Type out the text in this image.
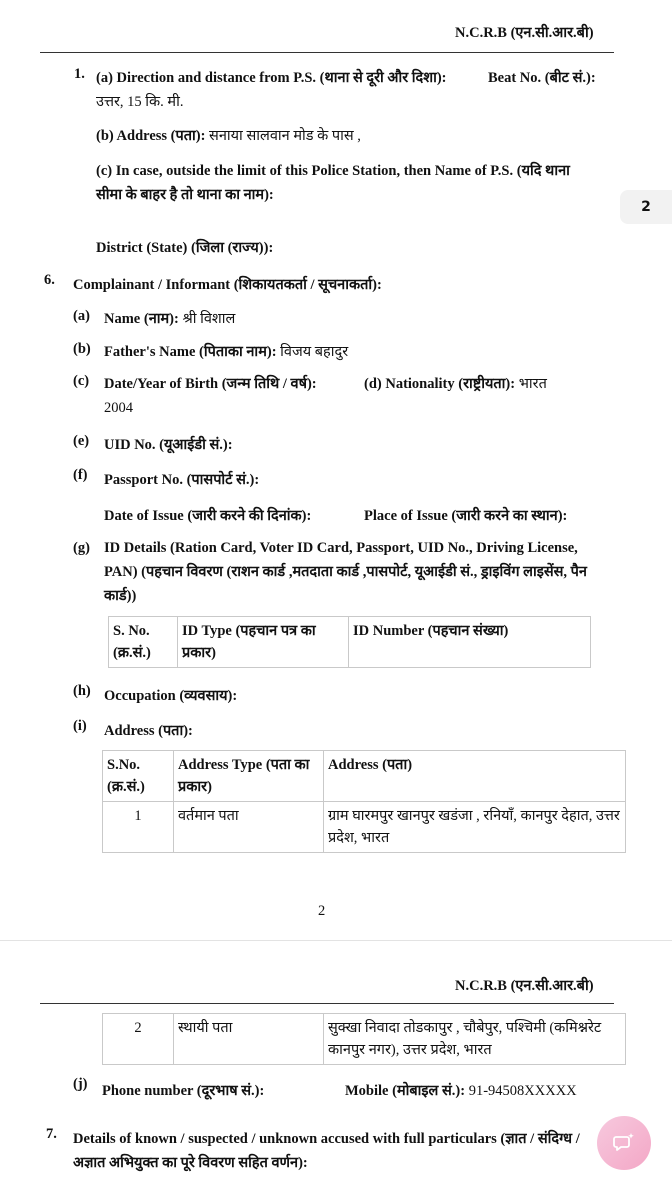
N.C.R.B (एन.सी.आर.बी)
1. (a) Direction and distance from P.S. (थाना से दूरी और दिशा): उत्तर, 15 कि. मी.
Beat No. (बीट सं.):
(b) Address (पता): सनाया सालवान मोड के पास ,
(c) In case, outside the limit of this Police Station, then Name of P.S. (यदि थाना सीमा के बाहर है तो थाना का नाम):
District (State) (जिला (राज्य)):
6. Complainant / Informant (शिकायतकर्ता / सूचनाकर्ता):
(a) Name (नाम): श्री विशाल
(b) Father's Name (पिताका नाम): विजय बहादुर
(c) Date/Year of Birth (जन्म तिथि / वर्ष): 2004
(d) Nationality (राष्ट्रीयता): भारत
(e) UID No. (यूआईडी सं.):
(f) Passport No. (पासपोर्ट सं.):
Date of Issue (जारी करने की दिनांक):	Place of Issue (जारी करने का स्थान):
(g) ID Details (Ration Card, Voter ID Card, Passport, UID No., Driving License, PAN) (पहचान विवरण (राशन कार्ड ,मतदाता कार्ड ,पासपोर्ट, यूआईडी सं., ड्राइविंग लाइसेंस, पैन कार्ड))
S. No. (क्र.सं.)	ID Type (पहचान पत्र का प्रकार)	ID Number (पहचान संख्या)
(h) Occupation (व्यवसाय):
(i) Address (पता):
S.No. (क्र.सं.)	Address Type (पता का प्रकार)	Address (पता)
1	वर्तमान पता	ग्राम घारमपुर खानपुर खडंजा , रनियाँ, कानपुर देहात, उत्तर प्रदेश, भारत
2
2
N.C.R.B (एन.सी.आर.बी)
2	स्थायी पता	सुक्खा निवादा तोडकापुर , चौबेपुर, पश्चिमी (कमिश्नरेट कानपुर नगर), उत्तर प्रदेश, भारत
(j) Phone number (दूरभाष सं.):	Mobile (मोबाइल सं.): 91-94508XXXXX
7. Details of known / suspected / unknown accused with full particulars (ज्ञात / संदिग्ध / अज्ञात अभियुक्त का पूरे विवरण सहित वर्णन):
